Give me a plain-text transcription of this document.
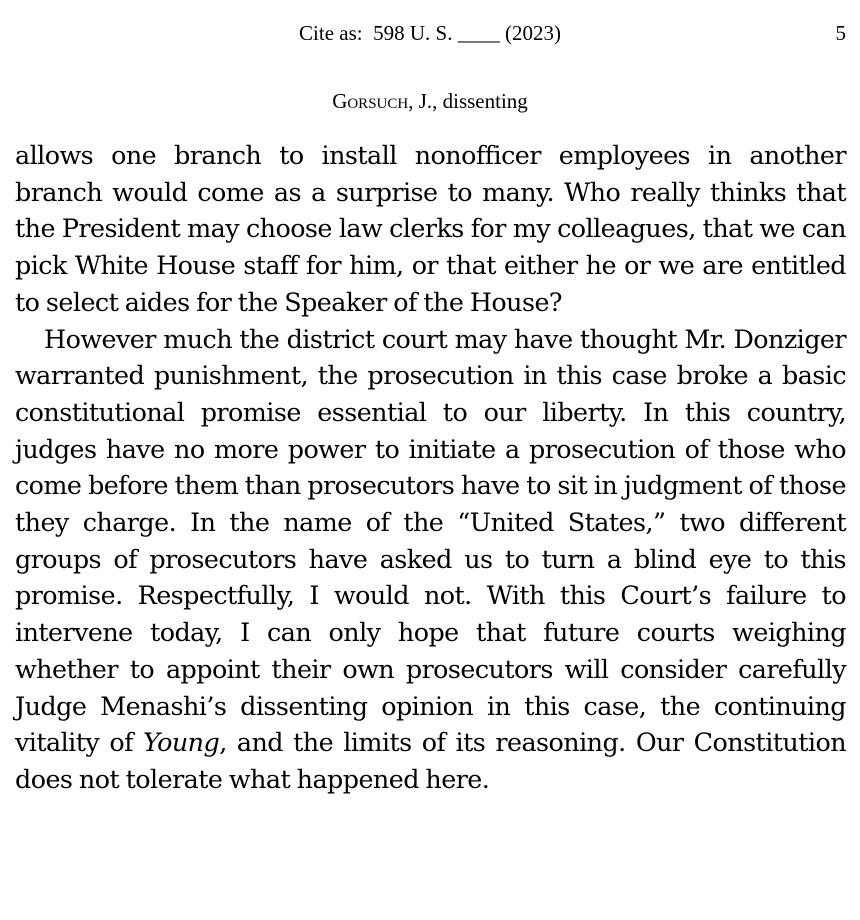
Cite as:  598 U. S. ____ (2023)	5
Gorsuch, J., dissenting

allows one branch to install nonofficer employees in another branch would come as a surprise to many. Who really thinks that the President may choose law clerks for my colleagues, that we can pick White House staff for him, or that either he or we are entitled to select aides for the Speaker of the House?

However much the district court may have thought Mr. Donziger warranted punishment, the prosecution in this case broke a basic constitutional promise essential to our liberty. In this country, judges have no more power to initiate a prosecution of those who come before them than prosecutors have to sit in judgment of those they charge. In the name of the “United States,” two different groups of prosecutors have asked us to turn a blind eye to this promise. Respectfully, I would not. With this Court’s failure to intervene today, I can only hope that future courts weighing whether to appoint their own prosecutors will consider carefully Judge Menashi’s dissenting opinion in this case, the continuing vitality of Young, and the limits of its reasoning. Our Constitution does not tolerate what happened here.
